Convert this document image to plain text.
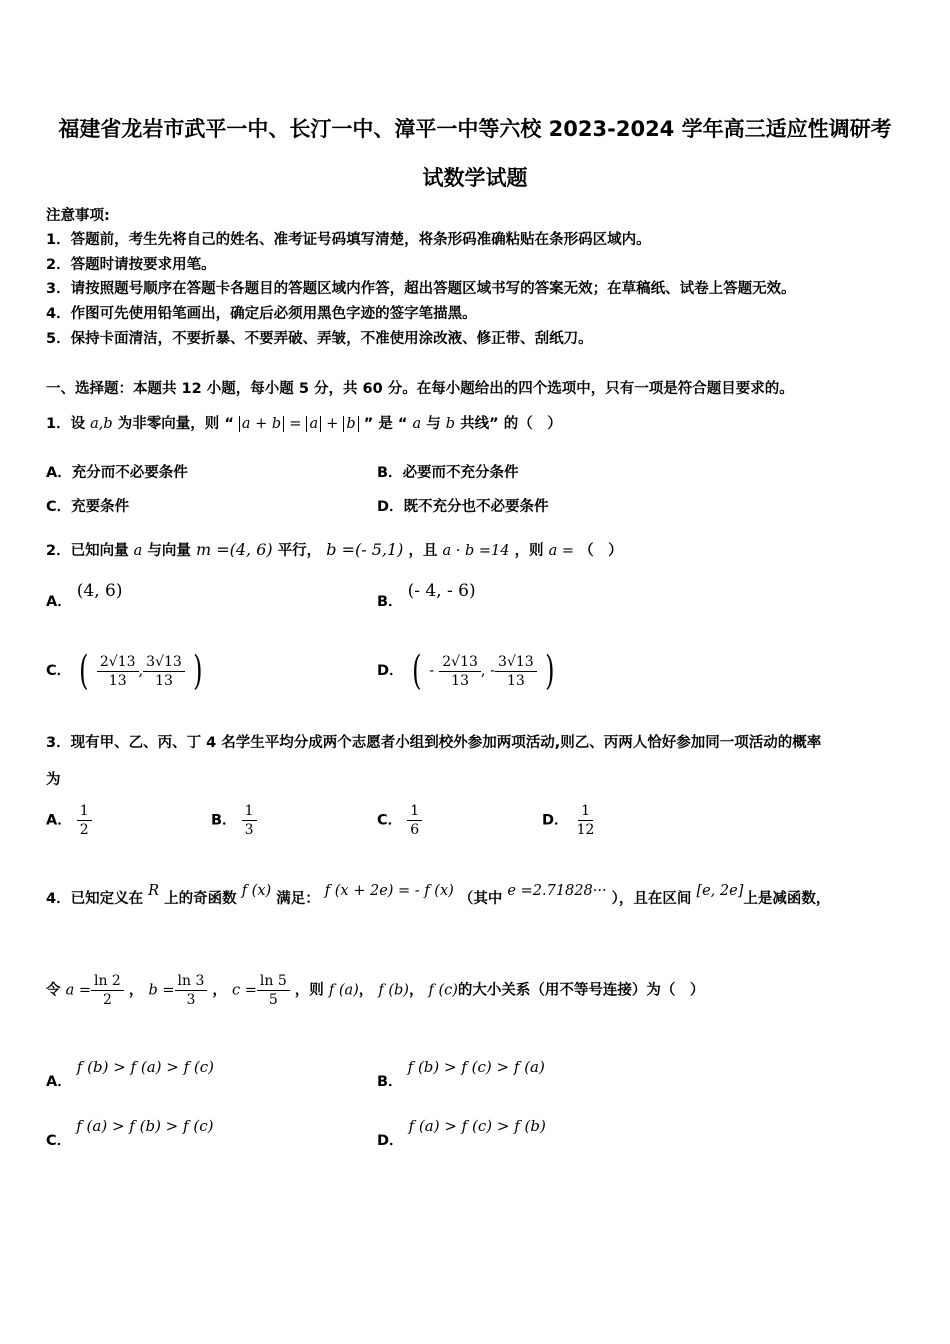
福建省龙岩市武平一中、长汀一中、漳平一中等六校 2023-2024 学年高三适应性调研考
试数学试题
注意事项:
1．答题前，考生先将自己的姓名、准考证号码填写清楚，将条形码准确粘贴在条形码区域内。
2．答题时请按要求用笔。
3．请按照题号顺序在答题卡各题目的答题区域内作答，超出答题区域书写的答案无效；在草稿纸、试卷上答题无效。
4．作图可先使用铅笔画出，确定后必须用黑色字迹的签字笔描黑。
5．保持卡面清洁，不要折暴、不要弄破、弄皱，不准使用涂改液、修正带、刮纸刀。
一、选择题：本题共 12 小题，每小题 5 分，共 60 分。在每小题给出的四个选项中，只有一项是符合题目要求的。
1．设 a,b 为非零向量，则 “ a + b = a + b ” 是 “ a 与 b 共线” 的（　）
A．充分而不必要条件	B．必要而不充分条件
C．充要条件	D．既不充分也不必要条件
2．已知向量 a 与向量 m =(4, 6) 平行， b =(- 5,1) ，且 a · b =14 ，则 a = （　）
A． (4, 6)
B． (- 4, - 6)
C． ( $\frac{2√13}{13}$ , $\frac{3√13}{13}$ )	D． ( - $\frac{2√13}{13}$ , - $\frac{3√13}{13}$ )
3．现有甲、乙、丙、丁 4 名学生平均分成两个志愿者小组到校外参加两项活动,则乙、丙两人恰好参加同一项活动的概率
为
A． $\frac{1}{2}$	B． $\frac{1}{3}$	C． $\frac{1}{6}$	D． $\frac{1}{12}$
4．已知定义在 R 上的奇函数 f (x) 满足： f (x + 2e) = - f (x) （其中 e =2.71828··· ），且在区间 [e, 2e]上是减函数，
令 $a = \frac{\ln 2}{2}$ ， $b = \frac{\ln 3}{3}$ ， $c = \frac{\ln 5}{5}$ ，则 f (a)， f (b)， f (c)的大小关系（用不等号连接）为（　）
A． f (b) > f (a) > f (c)
B． f (b) > f (c) > f (a)
C． f (a) > f (b) > f (c)
D． f (a) > f (c) > f (b)
